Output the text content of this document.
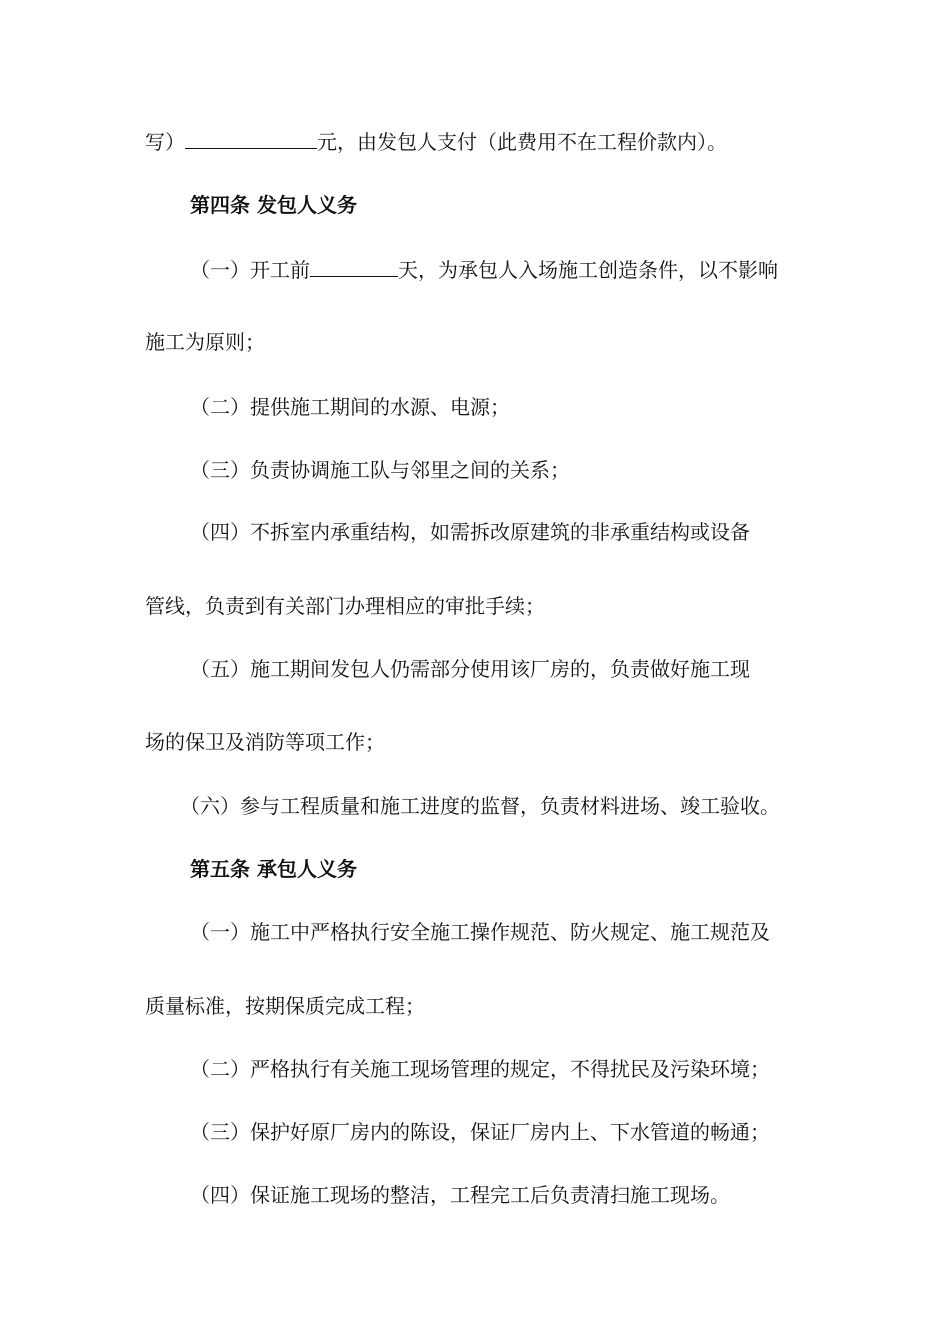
写）	元，由发包人支付（此费用不在工程价款内）。
第四条 发包人义务
（一）开工前	天，为承包人入场施工创造条件，以不影响
施工为原则；
（二）提供施工期间的水源、电源；
（三）负责协调施工队与邻里之间的关系；
（四）不拆室内承重结构，如需拆改原建筑的非承重结构或设备
管线，负责到有关部门办理相应的审批手续；
（五）施工期间发包人仍需部分使用该厂房的，负责做好施工现
场的保卫及消防等项工作；
（六）参与工程质量和施工进度的监督，负责材料进场、竣工验收。
第五条 承包人义务
（一）施工中严格执行安全施工操作规范、防火规定、施工规范及
质量标准，按期保质完成工程；
（二）严格执行有关施工现场管理的规定，不得扰民及污染环境；
（三）保护好原厂房内的陈设，保证厂房内上、下水管道的畅通；
（四）保证施工现场的整洁，工程完工后负责清扫施工现场。
